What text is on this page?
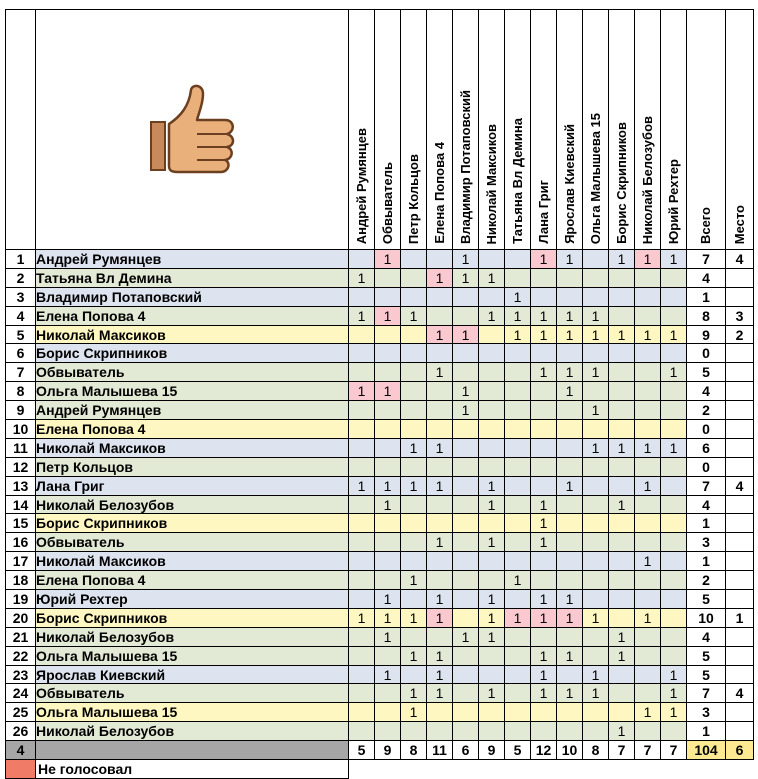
	Андрей Румянцев	Обвыватель	Петр Кольцов	Елена Попова 4	Владимир Потаповский	Николай Максиков	Татьяна Вл Демина	Лана Григ	Ярослав Киевский	Ольга Малышева 15	Борис Скрипников	Николай Белозубов	Юрий Рехтер	Всего	Место
1	Андрей Румянцев		1			1			1	1		1	1	1	7	4
2	Татьяна Вл Демина	1			1	1	1								4	
3	Владимир Потаповский							1							1	
4	Елена Попова 4	1	1	1			1	1	1	1	1				8	3
5	Николай Максиков				1	1		1	1	1	1	1	1	1	9	2
6	Борис Скрипников														0	
7	Обвыватель				1				1	1	1			1	5	
8	Ольга Малышева 15	1	1			1				1					4	
9	Андрей Румянцев					1					1				2	
10	Елена Попова 4														0	
11	Николай Максиков			1	1						1	1	1	1	6	
12	Петр Кольцов														0	
13	Лана Григ	1	1	1	1		1			1			1		7	4
14	Николай Белозубов		1				1		1			1			4	
15	Борис Скрипников								1						1	
16	Обвыватель				1		1		1						3	
17	Николай Максиков												1		1	
18	Елена Попова 4			1				1							2	
19	Юрий Рехтер		1		1		1		1	1					5	
20	Борис Скрипников	1	1	1	1		1	1	1	1	1		1		10	1
21	Николай Белозубов		1			1	1					1			4	
22	Ольга Малышева 15			1	1				1	1		1			5	
23	Ярослав Киевский		1		1				1		1			1	5	
24	Обвыватель			1	1		1		1	1	1			1	7	4
25	Ольга Малышева 15			1									1	1	3	
26	Николай Белозубов											1			1	
4		5	9	8	11	6	9	5	12	10	8	7	7	7	104	6
	Не голосовал															
